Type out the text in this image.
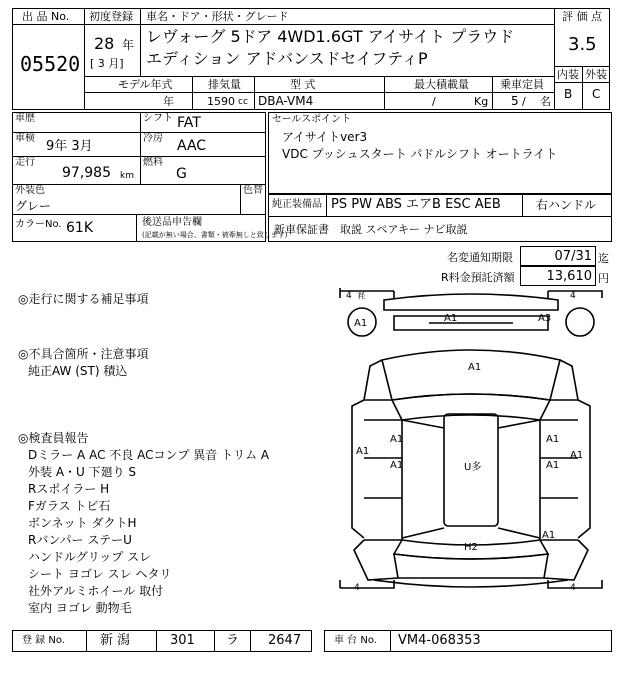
出 品 No.
05520
初度登録
28 年
[ 3 月]
車名・ドア・形状・グレード
レヴォーグ 5ドア 4WD1.6GT アイサイト プラウド
エディション アドバンスドセイフティP
評 価 点
3.5
内装 外装
B C
モデル年式
年
排気量
1590 cc
型 式
DBA-VM4
最大積載量
/	Kg
乗車定員
5 / 名
車歴	シフト FAT
車検
9年 3月
冷房 AAC
走行
97,985 km
燃料
G
外装色
グレー
色替
カラーNo. 61K	後送品申告欄
(記載が無い場合、書類・被牽無しと致します)
セールスポイント
アイサイトver3
VDC プッシュスタート パドルシフト オートライト
純正装備品 PS PW ABS エアB ESC AEB	右ハンドル
新車保証書 取説 スペアキー ナビ取説
名変通知期限	07/31 迄
R料金預託済額	13,610 円
◎走行に関する補足事項
◎不具合箇所・注意事項
純正AW (ST) 積込
◎検査員報告
Dミラー A AC 不良 ACコンプ 異音 トリム A
外装 A・U 下廻り S
Rスポイラー H
Fガラス トビ石
ボンネット ダクトH
Rバンパー ステーU
ハンドルグリップ スレ
シート ヨゴレ スレ ヘタリ
社外アルミホイール 取付
室内 ヨゴレ 動物毛
4 粍	4
4	4
A1	A1	A3
A1
A1
A1
A1
A1
A1
A1
U多
H2
A1
登 録 No.	新 潟	301 ラ 2647	車 台 No. VM4-068353
